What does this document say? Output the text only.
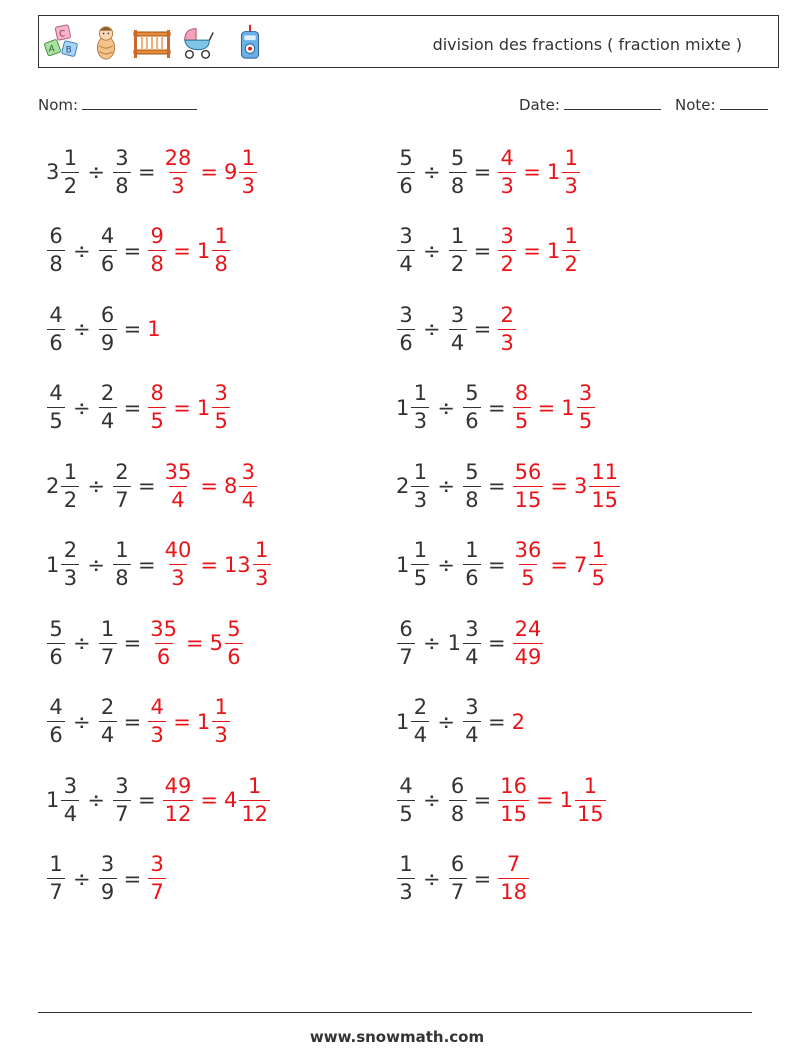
C
A B	division des fractions ( fraction mixte )
Nom:	Date:	Note:
$3 \frac{1}{2} \div \frac{3}{8} = \frac{28}{3} = 9 \frac{1}{3}$	$\frac{5}{6} \div \frac{5}{8} = \frac{4}{3} = 1 \frac{1}{3}$
$\frac{6}{8} \div \frac{4}{6} = \frac{9}{8} = 1 \frac{1}{8}$	$\frac{3}{4} \div \frac{1}{2} = \frac{3}{2} = 1 \frac{1}{2}$
$\frac{4}{6} \div \frac{6}{9} = 1$	$\frac{3}{6} \div \frac{3}{4} = \frac{2}{3}$
$\frac{4}{5} \div \frac{2}{4} = \frac{8}{5} = 1 \frac{3}{5}$	$1 \frac{1}{3} \div \frac{5}{6} = \frac{8}{5} = 1 \frac{3}{5}$
$2 \frac{1}{2} \div \frac{2}{7} = \frac{35}{4} = 8 \frac{3}{4}$	$2 \frac{1}{3} \div \frac{5}{8} = \frac{56}{15} = 3 \frac{11}{15}$
$1 \frac{2}{3} \div \frac{1}{8} = \frac{40}{3} = 13 \frac{1}{3}$	$1 \frac{1}{5} \div \frac{1}{6} = \frac{36}{5} = 7 \frac{1}{5}$
$\frac{5}{6} \div \frac{1}{7} = \frac{35}{6} = 5 \frac{5}{6}$	$\frac{6}{7} \div 1 \frac{3}{4} = \frac{24}{49}$
$\frac{4}{6} \div \frac{2}{4} = \frac{4}{3} = 1 \frac{1}{3}$	$1 \frac{2}{4} \div \frac{3}{4} = 2$
$1 \frac{3}{4} \div \frac{3}{7} = \frac{49}{12} = 4 \frac{1}{12}$	$\frac{4}{5} \div \frac{6}{8} = \frac{16}{15} = 1 \frac{1}{15}$
$\frac{1}{7} \div \frac{3}{9} = \frac{3}{7}$	$\frac{1}{3} \div \frac{6}{7} = \frac{7}{18}$
www.snowmath.com
